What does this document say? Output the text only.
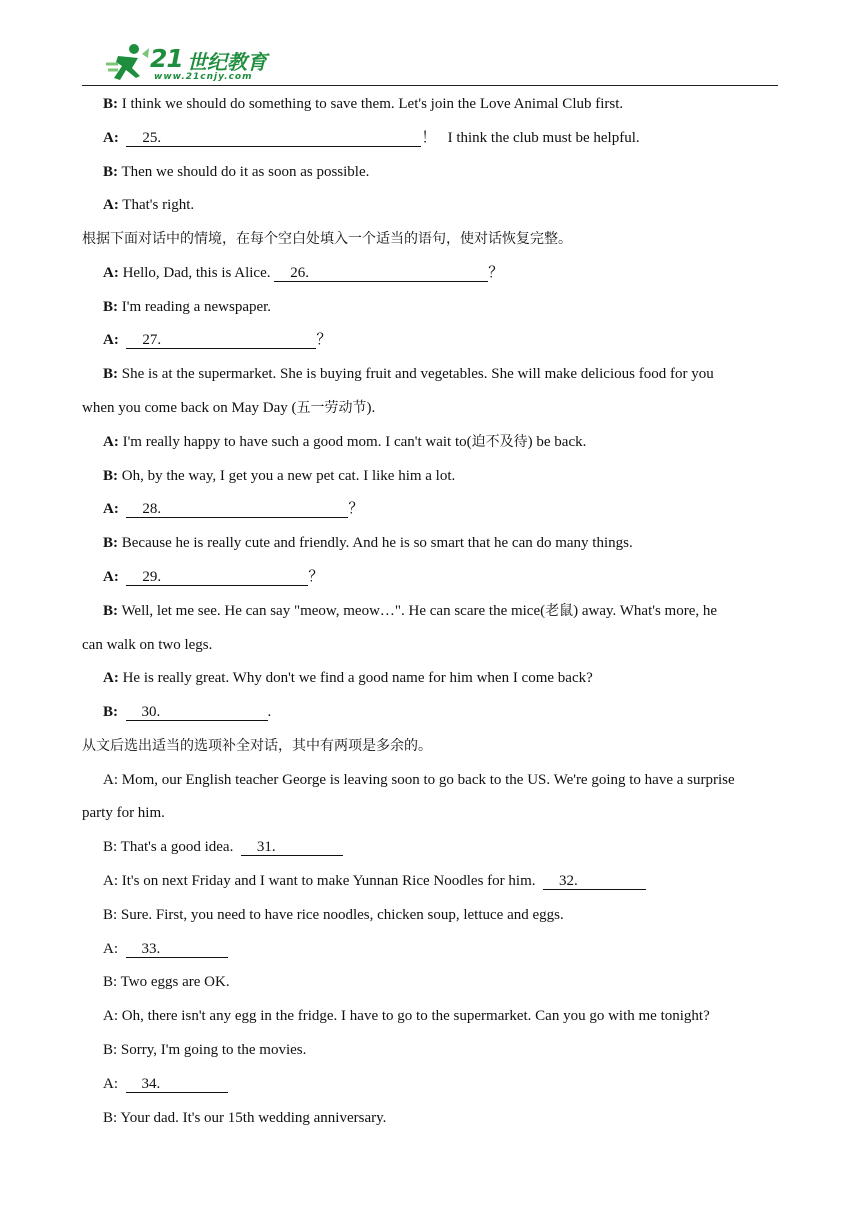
21 世纪教育
www.21cnjy.com
B: I think we should do something to save them. Let's join the Love Animal Club first.
A: 25.	！   I think the club must be helpful.
B: Then we should do it as soon as possible.
A: That's right.
根据下面对话中的情境，在每个空白处填入一个适当的语句，使对话恢复完整。
A: Hello, Dad, this is Alice. 26.	？
B: I'm reading a newspaper.
A: 27.	？
B: She is at the supermarket. She is buying fruit and vegetables. She will make delicious food for you
when you come back on May Day (五一劳动节).
A: I'm really happy to have such a good mom. I can't wait to(迫不及待) be back.
B: Oh, by the way, I get you a new pet cat. I like him a lot.
A: 28.	？
B: Because he is really cute and friendly. And he is so smart that he can do many things.
A: 29.	？
B: Well, let me see. He can say "meow, meow…". He can scare the mice(老鼠) away. What's more, he
can walk on two legs.
A: He is really great. Why don't we find a good name for him when I come back?
B: 30.	.
从文后选出适当的选项补全对话，其中有两项是多余的。
A: Mom, our English teacher George is leaving soon to go back to the US. We're going to have a surprise
party for him.
B: That's a good idea.  31.
A: It's on next Friday and I want to make Yunnan Rice Noodles for him.  32.
B: Sure. First, you need to have rice noodles, chicken soup, lettuce and eggs.
A:  33.
B: Two eggs are OK.
A: Oh, there isn't any egg in the fridge. I have to go to the supermarket. Can you go with me tonight?
B: Sorry, I'm going to the movies.
A:  34.
B: Your dad. It's our 15th wedding anniversary.
